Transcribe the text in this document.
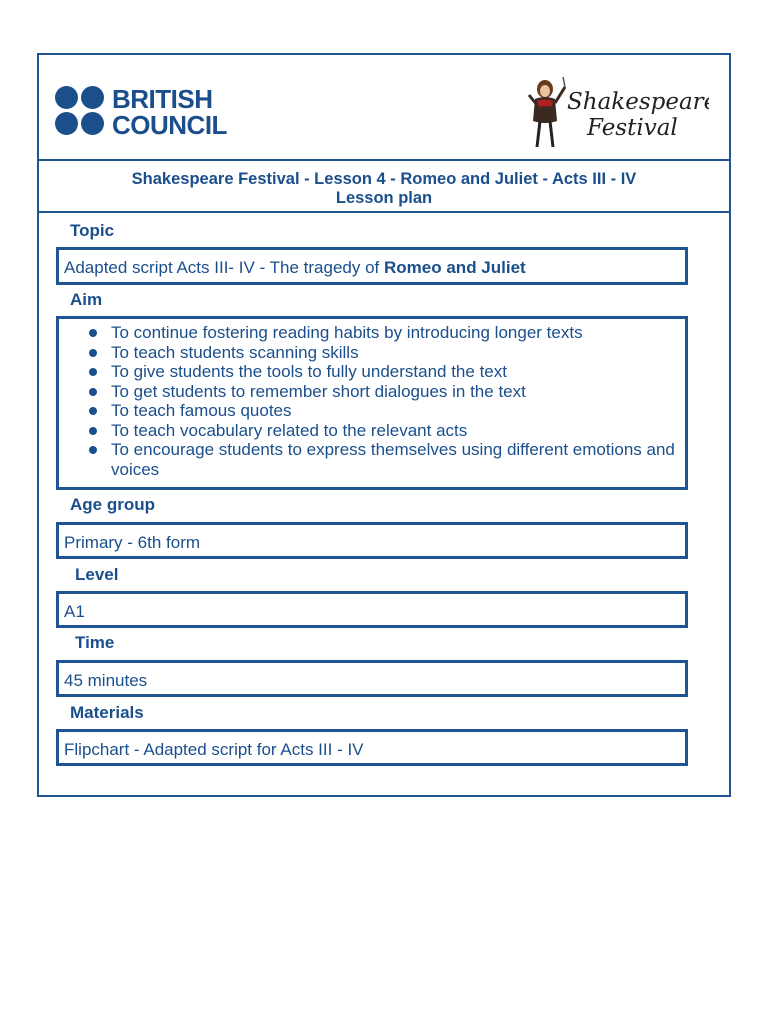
BRITISH
COUNCIL
Shakespeare
Festival
Shakespeare Festival - Lesson 4 - Romeo and Juliet - Acts III - IV
Lesson plan
Topic
Adapted script Acts III- IV - The tragedy of Romeo and Juliet
Aim
To continue fostering reading habits by introducing longer texts
To teach students scanning skills
To give students the tools to fully understand the text
To get students to remember short dialogues in the text
To teach famous quotes
To teach vocabulary related to the relevant acts
To encourage students to express themselves using different emotions and voices
Age group
Primary - 6th form
Level
A1
Time
45 minutes
Materials
Flipchart - Adapted script for Acts III - IV
